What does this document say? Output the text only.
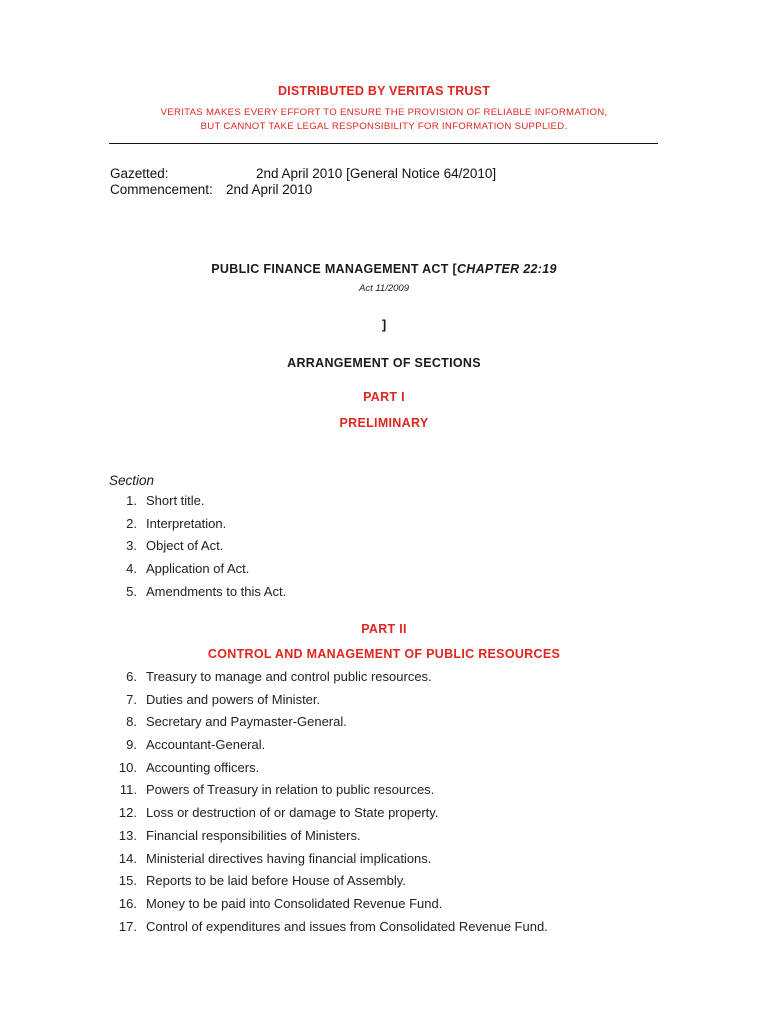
DISTRIBUTED BY VERITAS TRUST
VERITAS MAKES EVERY EFFORT TO ENSURE THE PROVISION OF RELIABLE INFORMATION,
BUT CANNOT TAKE LEGAL RESPONSIBILITY FOR INFORMATION SUPPLIED.
Gazetted:	2nd April 2010 [General Notice 64/2010]
Commencement: 2nd April 2010
PUBLIC FINANCE MANAGEMENT ACT [CHAPTER 22:19
Act 11/2009
]
ARRANGEMENT OF SECTIONS
PART I
PRELIMINARY
Section
1. Short title.
2. Interpretation.
3. Object of Act.
4. Application of Act.
5. Amendments to this Act.
PART II
CONTROL AND MANAGEMENT OF PUBLIC RESOURCES
6. Treasury to manage and control public resources.
7. Duties and powers of Minister.
8. Secretary and Paymaster-General.
9. Accountant-General.
10. Accounting officers.
11. Powers of Treasury in relation to public resources.
12. Loss or destruction of or damage to State property.
13. Financial responsibilities of Ministers.
14. Ministerial directives having financial implications.
15. Reports to be laid before House of Assembly.
16. Money to be paid into Consolidated Revenue Fund.
17. Control of expenditures and issues from Consolidated Revenue Fund.
